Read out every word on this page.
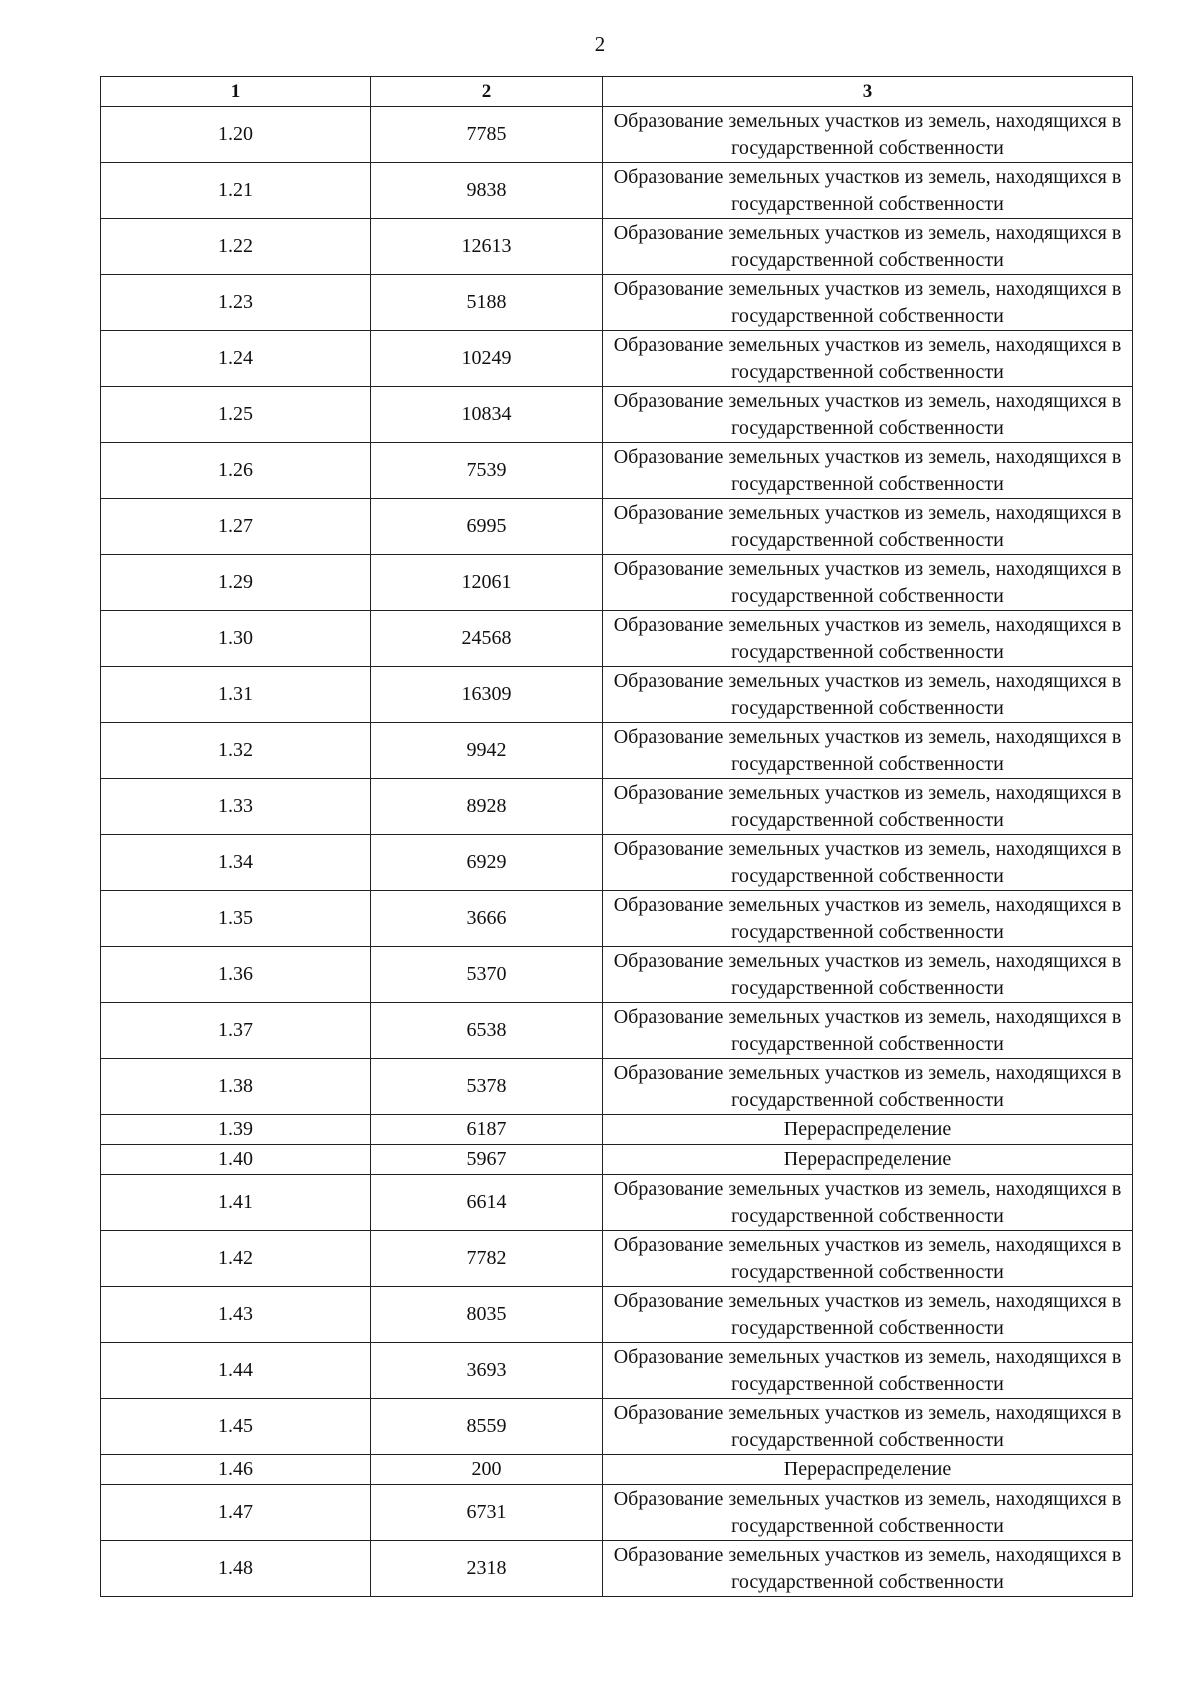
2
1	2	3
1.20	7785	Образование земельных участков из земель, находящихся в государственной собственности
1.21	9838	Образование земельных участков из земель, находящихся в государственной собственности
1.22	12613	Образование земельных участков из земель, находящихся в государственной собственности
1.23	5188	Образование земельных участков из земель, находящихся в государственной собственности
1.24	10249	Образование земельных участков из земель, находящихся в государственной собственности
1.25	10834	Образование земельных участков из земель, находящихся в государственной собственности
1.26	7539	Образование земельных участков из земель, находящихся в государственной собственности
1.27	6995	Образование земельных участков из земель, находящихся в государственной собственности
1.29	12061	Образование земельных участков из земель, находящихся в государственной собственности
1.30	24568	Образование земельных участков из земель, находящихся в государственной собственности
1.31	16309	Образование земельных участков из земель, находящихся в государственной собственности
1.32	9942	Образование земельных участков из земель, находящихся в государственной собственности
1.33	8928	Образование земельных участков из земель, находящихся в государственной собственности
1.34	6929	Образование земельных участков из земель, находящихся в государственной собственности
1.35	3666	Образование земельных участков из земель, находящихся в государственной собственности
1.36	5370	Образование земельных участков из земель, находящихся в государственной собственности
1.37	6538	Образование земельных участков из земель, находящихся в государственной собственности
1.38	5378	Образование земельных участков из земель, находящихся в государственной собственности
1.39	6187	Перераспределение
1.40	5967	Перераспределение
1.41	6614	Образование земельных участков из земель, находящихся в государственной собственности
1.42	7782	Образование земельных участков из земель, находящихся в государственной собственности
1.43	8035	Образование земельных участков из земель, находящихся в государственной собственности
1.44	3693	Образование земельных участков из земель, находящихся в государственной собственности
1.45	8559	Образование земельных участков из земель, находящихся в государственной собственности
1.46	200	Перераспределение
1.47	6731	Образование земельных участков из земель, находящихся в государственной собственности
1.48	2318	Образование земельных участков из земель, находящихся в государственной собственности
